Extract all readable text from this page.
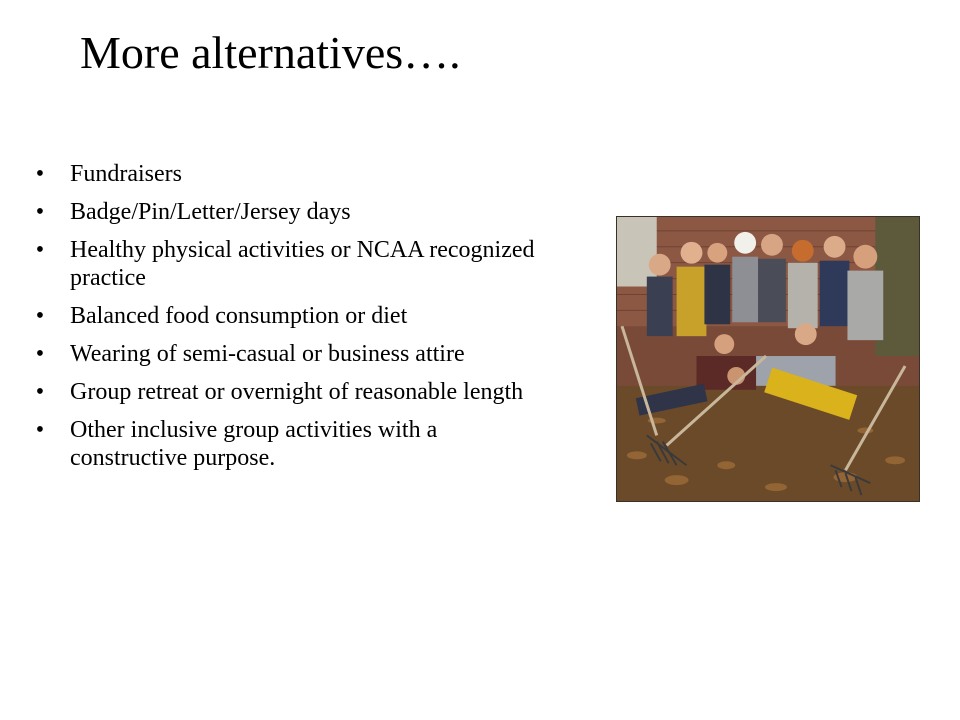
More alternatives….
• Fundraisers
• Badge/Pin/Letter/Jersey days
• Healthy physical activities or NCAA recognized practice
• Balanced food consumption or diet
• Wearing of semi-casual or business attire
• Group retreat or overnight of reasonable length
• Other inclusive group activities with a constructive purpose.
